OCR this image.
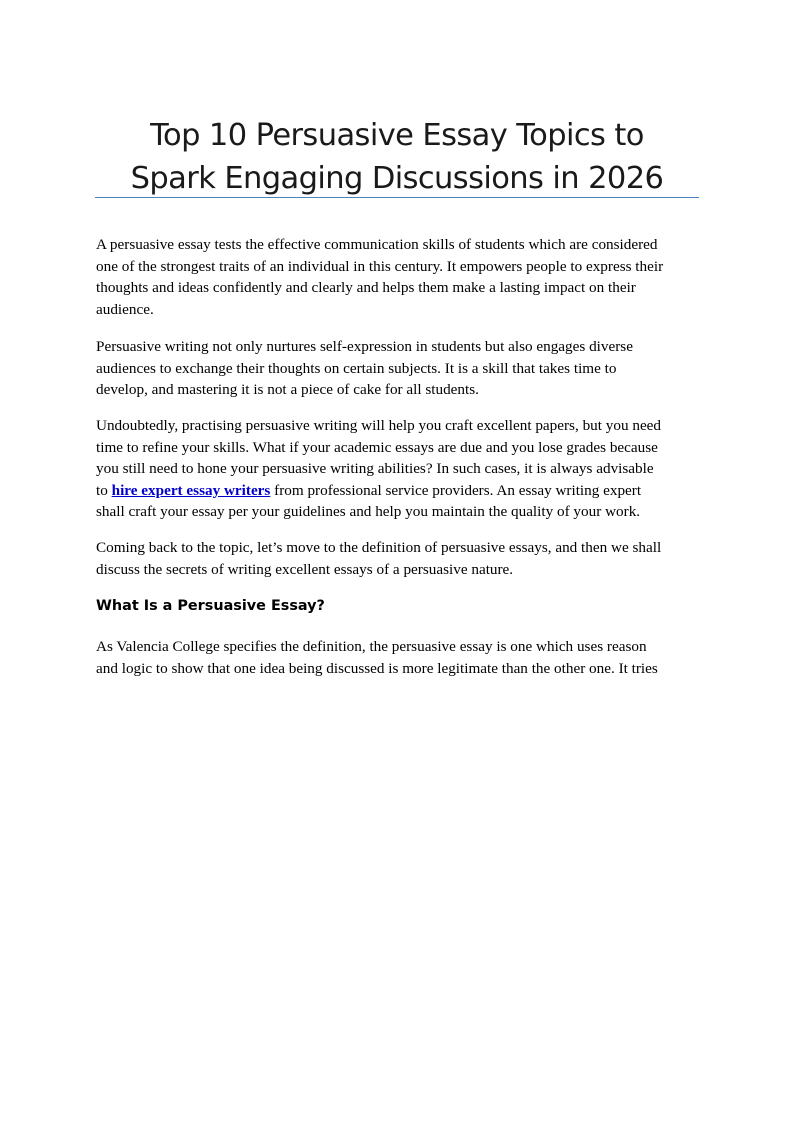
Top 10 Persuasive Essay Topics to
Spark Engaging Discussions in 2026
A persuasive essay tests the effective communication skills of students which are considered
one of the strongest traits of an individual in this century. It empowers people to express their
thoughts and ideas confidently and clearly and helps them make a lasting impact on their
audience.
Persuasive writing not only nurtures self-expression in students but also engages diverse
audiences to exchange their thoughts on certain subjects. It is a skill that takes time to
develop, and mastering it is not a piece of cake for all students.
Undoubtedly, practising persuasive writing will help you craft excellent papers, but you need
time to refine your skills. What if your academic essays are due and you lose grades because
you still need to hone your persuasive writing abilities? In such cases, it is always advisable
to hire expert essay writers from professional service providers. An essay writing expert
shall craft your essay per your guidelines and help you maintain the quality of your work.
Coming back to the topic, let’s move to the definition of persuasive essays, and then we shall
discuss the secrets of writing excellent essays of a persuasive nature.
What Is a Persuasive Essay?
As Valencia College specifies the definition, the persuasive essay is one which uses reason
and logic to show that one idea being discussed is more legitimate than the other one. It tries
